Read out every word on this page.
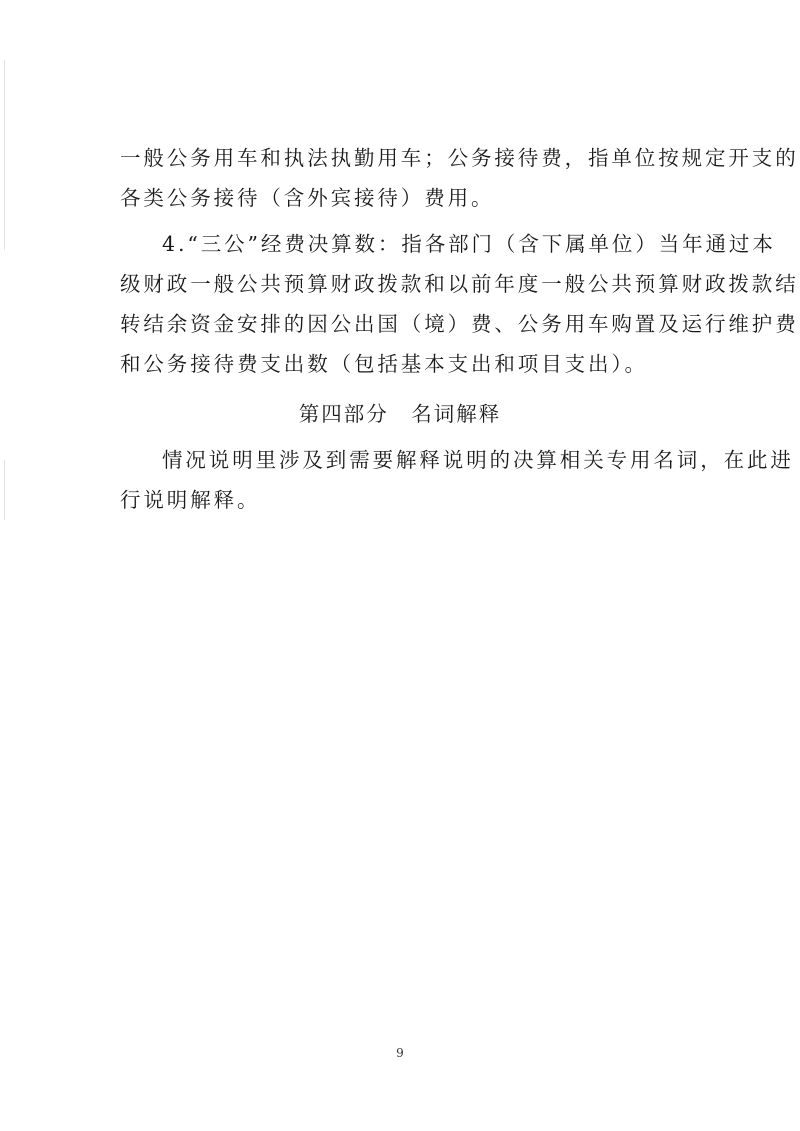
一般公务用车和执法执勤用车；公务接待费，指单位按规定开支的
各类公务接待（含外宾接待）费用。
4.“三公”经费决算数：指各部门（含下属单位）当年通过本
级财政一般公共预算财政拨款和以前年度一般公共预算财政拨款结
转结余资金安排的因公出国（境）费、公务用车购置及运行维护费
和公务接待费支出数（包括基本支出和项目支出）。
第四部分　名词解释
情况说明里涉及到需要解释说明的决算相关专用名词，在此进
行说明解释。
9
